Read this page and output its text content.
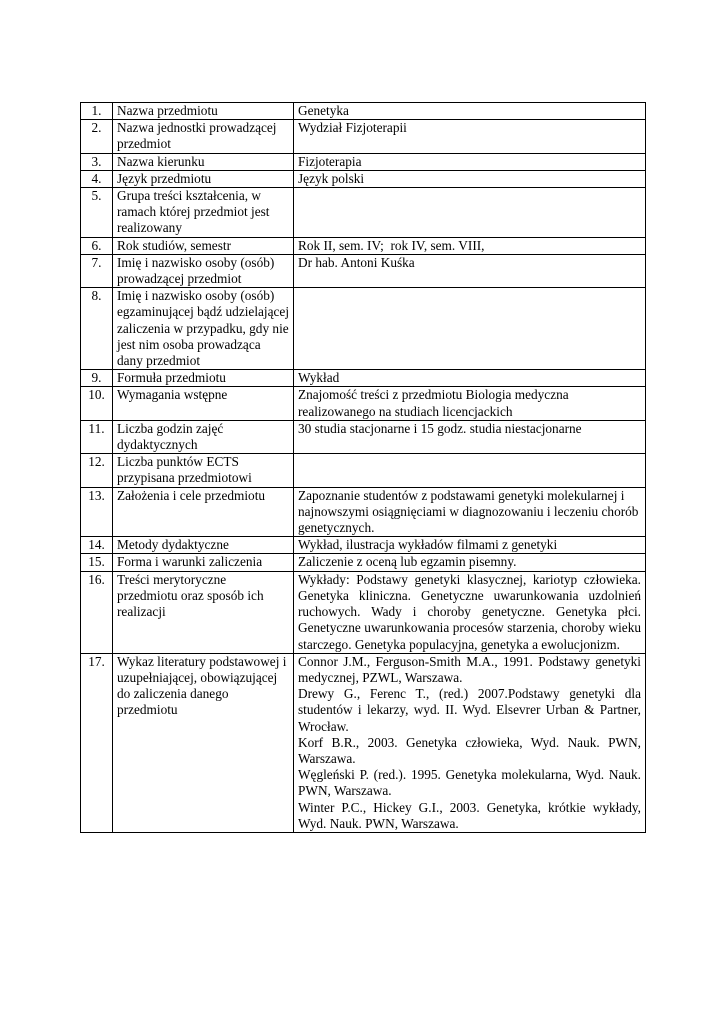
1.	Nazwa przedmiotu	Genetyka
2.	Nazwa jednostki prowadzącej przedmiot	Wydział Fizjoterapii
3.	Nazwa kierunku	Fizjoterapia
4.	Język przedmiotu	Język polski
5.	Grupa treści kształcenia, w ramach której przedmiot jest realizowany	
6.	Rok studiów, semestr	Rok II, sem. IV;  rok IV, sem. VIII,
7.	Imię i nazwisko osoby (osób) prowadzącej przedmiot	Dr hab. Antoni Kuśka
8.	Imię i nazwisko osoby (osób) egzaminującej bądź udzielającej zaliczenia w przypadku, gdy nie jest nim osoba prowadząca dany przedmiot	
9.	Formuła przedmiotu	Wykład
10.	Wymagania wstępne	Znajomość treści z przedmiotu Biologia medyczna realizowanego na studiach licencjackich
11.	Liczba godzin zajęć dydaktycznych	30 studia stacjonarne i 15 godz. studia niestacjonarne
12.	Liczba punktów ECTS przypisana przedmiotowi	
13.	Założenia i cele przedmiotu	Zapoznanie studentów z podstawami genetyki molekularnej i najnowszymi osiągnięciami w diagnozowaniu i leczeniu chorób genetycznych.
14.	Metody dydaktyczne	Wykład, ilustracja wykładów filmami z genetyki
15.	Forma i warunki zaliczenia	Zaliczenie z oceną lub egzamin pisemny.
16.	Treści merytoryczne przedmiotu oraz sposób ich realizacji	Wykłady: Podstawy genetyki klasycznej, kariotyp człowieka. Genetyka kliniczna. Genetyczne uwarunkowania uzdolnień ruchowych. Wady i choroby genetyczne. Genetyka płci. Genetyczne uwarunkowania procesów starzenia, choroby wieku starczego. Genetyka populacyjna, genetyka a ewolucjonizm.
17.	Wykaz literatury podstawowej i uzupełniającej, obowiązującej do zaliczenia danego przedmiotu	Connor J.M., Ferguson-Smith M.A., 1991. Podstawy genetyki medycznej, PZWL, Warszawa.
Drewy G., Ferenc T., (red.) 2007.Podstawy genetyki dla studentów i lekarzy, wyd. II. Wyd. Elsevrer Urban & Partner, Wrocław.
Korf B.R., 2003. Genetyka człowieka, Wyd. Nauk. PWN, Warszawa.
Węgleński P. (red.). 1995. Genetyka molekularna, Wyd. Nauk. PWN, Warszawa.
Winter P.C., Hickey G.I., 2003. Genetyka, krótkie wykłady, Wyd. Nauk. PWN, Warszawa.
